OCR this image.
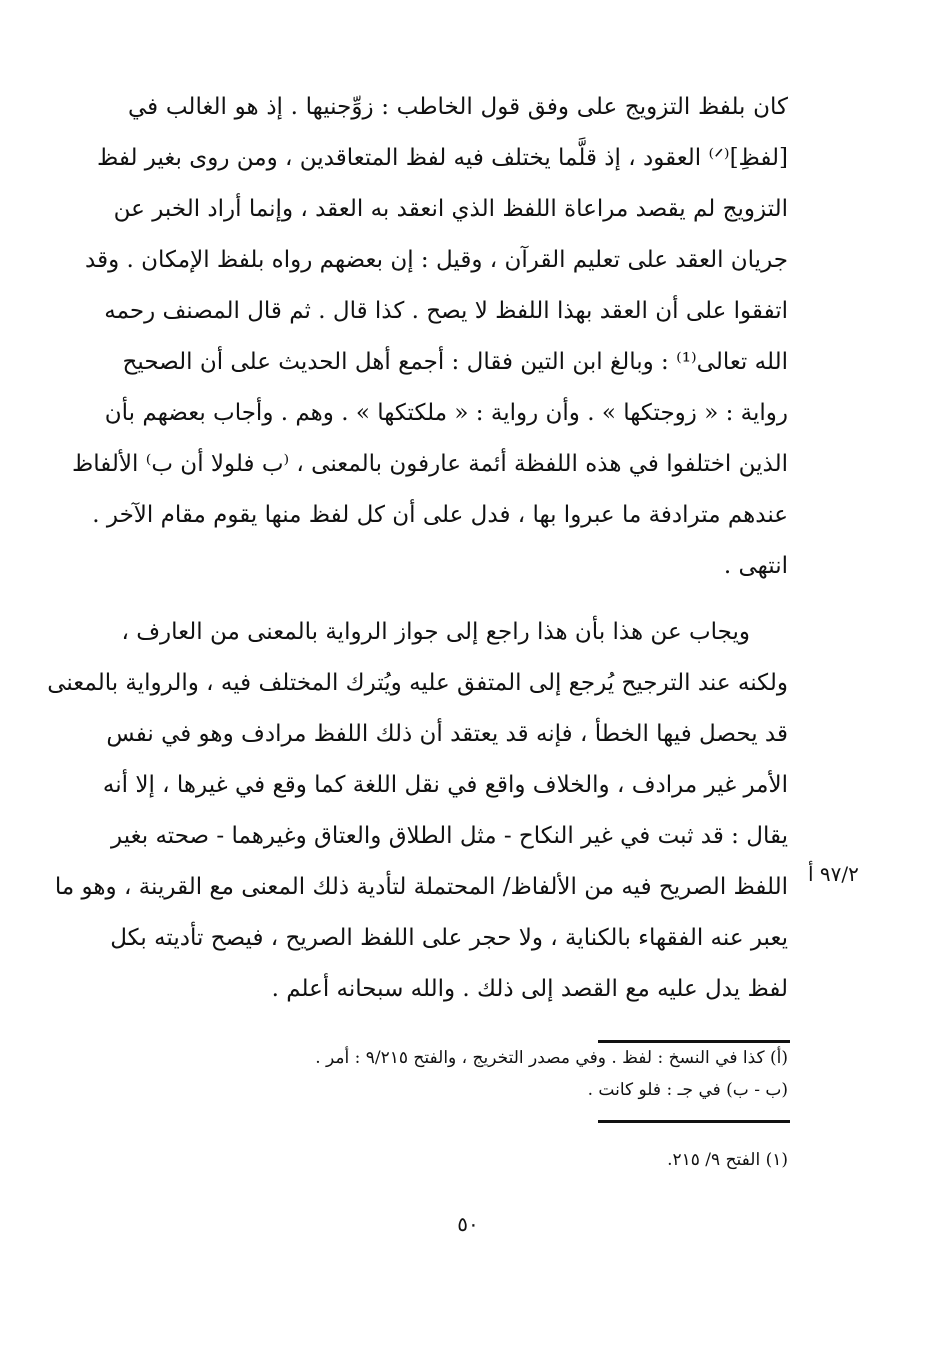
كان بلفظ التزويج على وفق قول الخاطب : زوِّجنيها . إذ هو الغالب في
[لفظِ]⁽ᐟ⁾ العقود ، إذ قلَّما يختلف فيه لفظ المتعاقدين ، ومن روى بغير لفظ
التزويج لم يقصد مراعاة اللفظ الذي انعقد به العقد ، وإنما أراد الخبر عن
جريان العقد على تعليم القرآن ، وقيل : إن بعضهم رواه بلفظ الإمكان . وقد
اتفقوا على أن العقد بهذا اللفظ لا يصح . كذا قال . ثم قال المصنف رحمه
الله تعالى⁽¹⁾ : وبالغ ابن التين فقال : أجمع أهل الحديث على أن الصحيح
رواية : « زوجتكها » . وأن رواية : « ملكتكها » . وهم . وأجاب بعضهم بأن
الذين اختلفوا في هذه اللفظة أئمة عارفون بالمعنى ، ⁽ب فلولا أن ب⁾ الألفاظ
عندهم مترادفة ما عبروا بها ، فدل على أن كل لفظ منها يقوم مقام الآخر .
انتهى .
ويجاب عن هذا بأن هذا راجع إلى جواز الرواية بالمعنى من العارف ،
ولكنه عند الترجيح يُرجع إلى المتفق عليه ويُترك المختلف فيه ، والرواية بالمعنى
قد يحصل فيها الخطأ ، فإنه قد يعتقد أن ذلك اللفظ مرادف وهو في نفس
الأمر غير مرادف ، والخلاف واقع في نقل اللغة كما وقع في غيرها ، إلا أنه
يقال : قد ثبت في غير النكاح - مثل الطلاق والعتاق وغيرهما - صحته بغير
اللفظ الصريح فيه من الألفاظ/ المحتملة لتأدية ذلك المعنى مع القرينة ، وهو ما
يعبر عنه الفقهاء بالكناية ، ولا حجر على اللفظ الصريح ، فيصح تأديته بكل
لفظ يدل عليه مع القصد إلى ذلك . والله سبحانه أعلم .
٩٧/٢ أ
(أ) كذا في النسخ : لفظ . وفي مصدر التخريج ، والفتح ٩/٢١٥ : أمر .
(ب - ب) في جـ : فلو كانت .
(١) الفتح ٩/ ٢١٥.
٥٠
